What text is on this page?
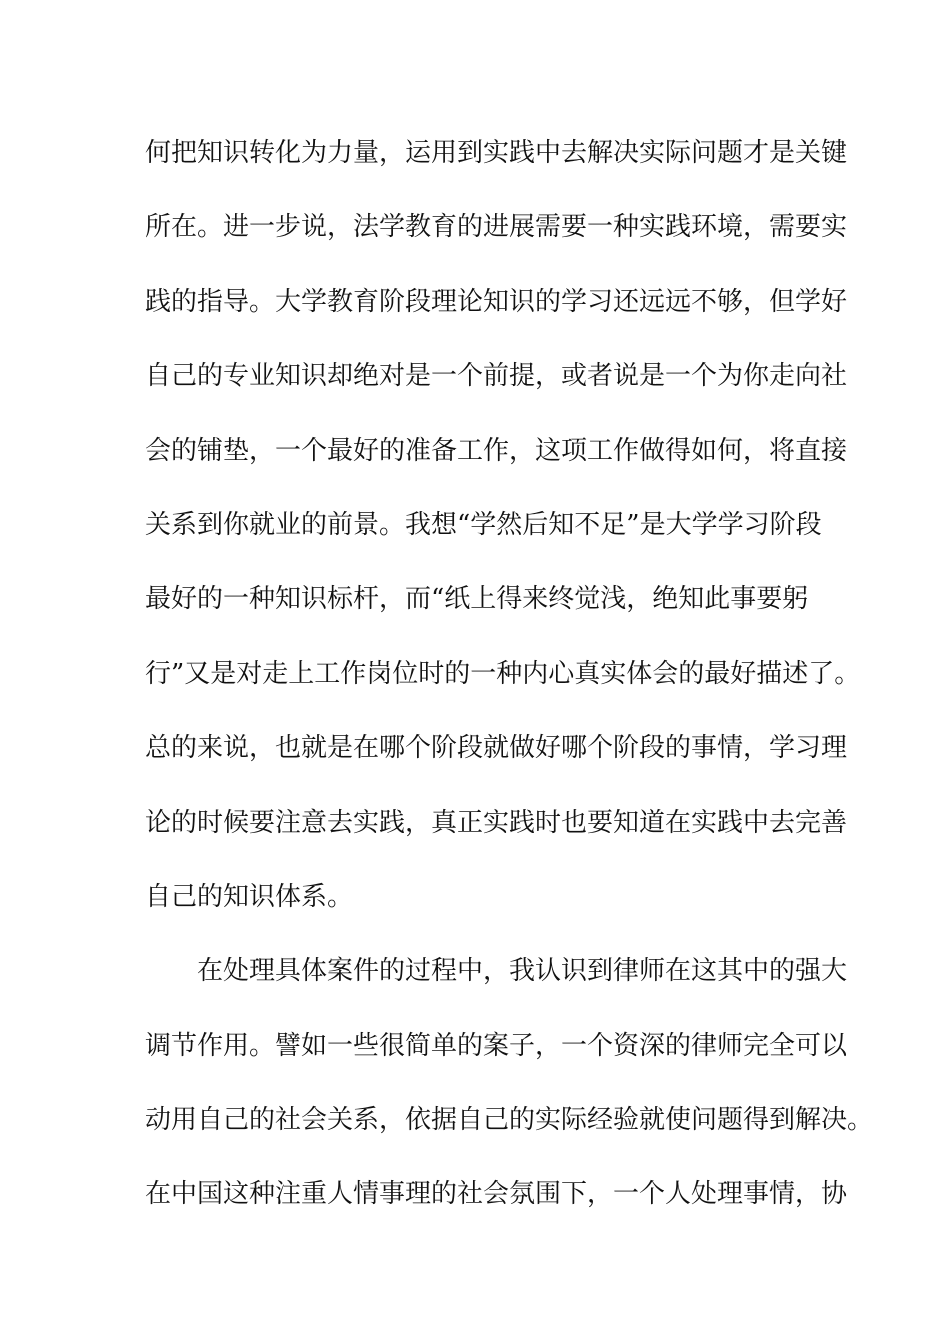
何把知识转化为力量，运用到实践中去解决实际问题才是关键
所在。进一步说，法学教育的进展需要一种实践环境，需要实
践的指导。大学教育阶段理论知识的学习还远远不够，但学好
自己的专业知识却绝对是一个前提，或者说是一个为你走向社
会的铺垫，一个最好的准备工作，这项工作做得如何，将直接
关系到你就业的前景。我想“学然后知不足”是大学学习阶段
最好的一种知识标杆，而“纸上得来终觉浅，绝知此事要躬
行”又是对走上工作岗位时的一种内心真实体会的最好描述了。
总的来说，也就是在哪个阶段就做好哪个阶段的事情，学习理
论的时候要注意去实践，真正实践时也要知道在实践中去完善
自己的知识体系。
在处理具体案件的过程中，我认识到律师在这其中的强大
调节作用。譬如一些很简单的案子，一个资深的律师完全可以
动用自己的社会关系，依据自己的实际经验就使问题得到解决。
在中国这种注重人情事理的社会氛围下，一个人处理事情，协
